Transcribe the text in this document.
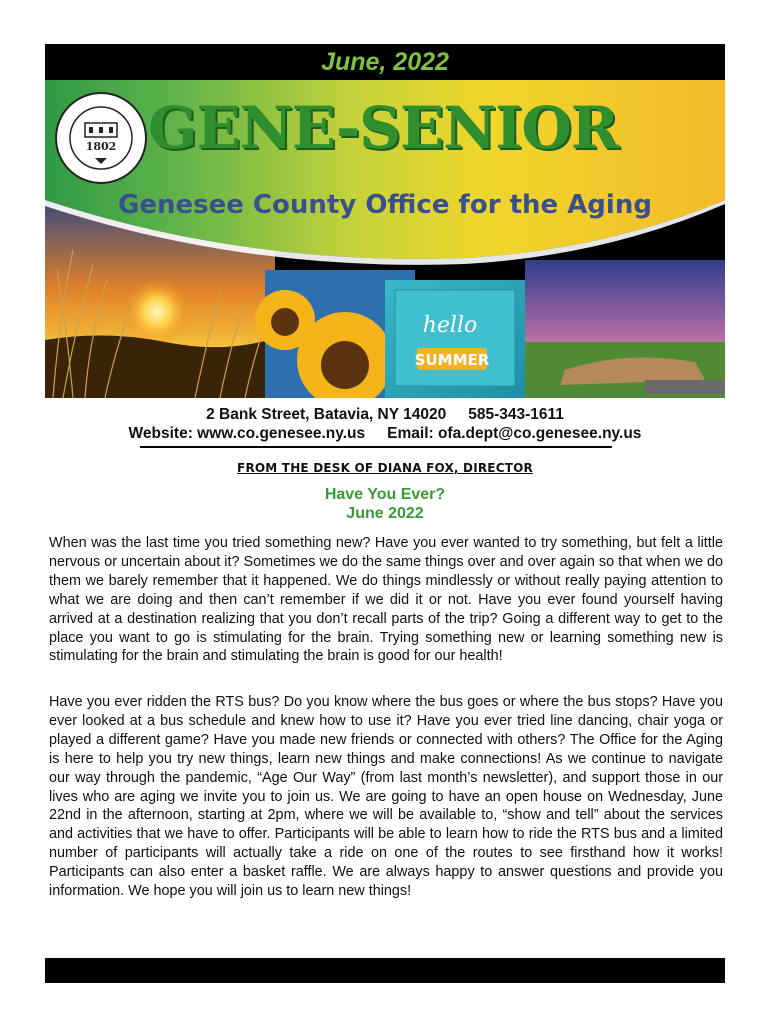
June, 2022
hello
SUMMER
1802 GENE-SENIOR
Genesee County Office for the Aging
2 Bank Street, Batavia, NY 14020 585-343-1611
Website: www.co.genesee.ny.us Email: ofa.dept@co.genesee.ny.us
FROM THE DESK OF DIANA FOX, DIRECTOR
Have You Ever?
June 2022
When was the last time you tried something new? Have you ever wanted to try something, but felt a little nervous or uncertain about it? Sometimes we do the same things over and over again so that when we do them we barely remember that it happened. We do things mindlessly or without really paying attention to what we are doing and then can’t remember if we did it or not. Have you ever found yourself having arrived at a destination realizing that you don’t recall parts of the trip? Going a different way to get to the place you want to go is stimulating for the brain. Trying something new or learning something new is stimulating for the brain and stimulating the brain is good for our health!
Have you ever ridden the RTS bus? Do you know where the bus goes or where the bus stops? Have you ever looked at a bus schedule and knew how to use it? Have you ever tried line dancing, chair yoga or played a different game? Have you made new friends or connected with others? The Office for the Aging is here to help you try new things, learn new things and make connections! As we continue to navigate our way through the pandemic, “Age Our Way” (from last month’s newsletter), and support those in our lives who are aging we invite you to join us. We are going to have an open house on Wednesday, June 22nd in the afternoon, starting at 2pm, where we will be available to, “show and tell” about the services and activities that we have to offer. Participants will be able to learn how to ride the RTS bus and a limited number of participants will actually take a ride on one of the routes to see firsthand how it works! Participants can also enter a basket raffle. We are always happy to answer questions and provide you information. We hope you will join us to learn new things!
